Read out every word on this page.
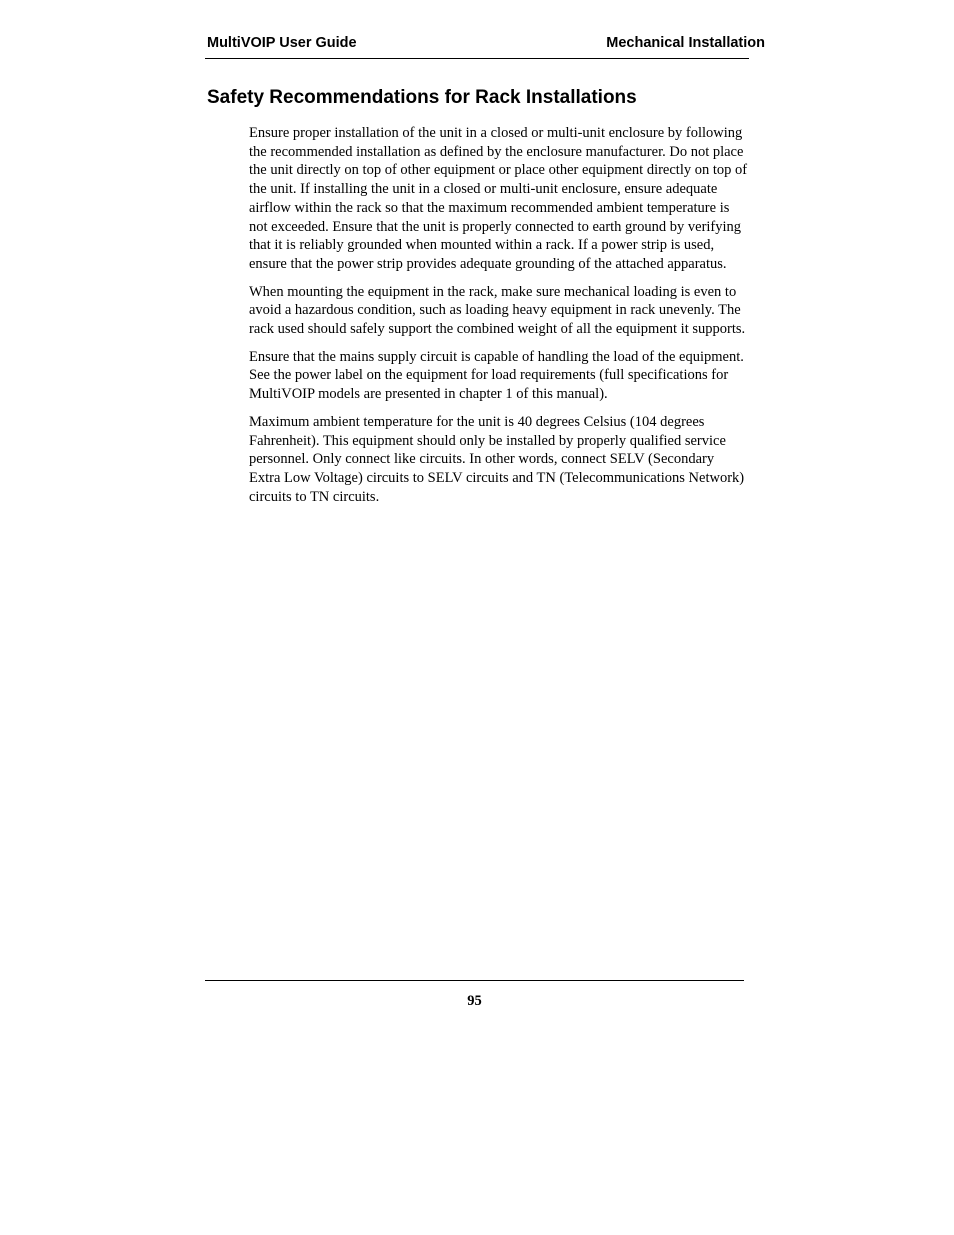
MultiVOIP User Guide	Mechanical Installation
Safety Recommendations for Rack Installations

Ensure proper installation of the unit in a closed or multi-unit enclosure by following the recommended installation as defined by the enclosure manufacturer. Do not place the unit directly on top of other equipment or place other equipment directly on top of the unit. If installing the unit in a closed or multi-unit enclosure, ensure adequate airflow within the rack so that the maximum recommended ambient temperature is not exceeded. Ensure that the unit is properly connected to earth ground by verifying that it is reliably grounded when mounted within a rack. If a power strip is used, ensure that the power strip provides adequate grounding of the attached apparatus.

When mounting the equipment in the rack, make sure mechanical loading is even to avoid a hazardous condition, such as loading heavy equipment in rack unevenly. The rack used should safely support the combined weight of all the equipment it supports.

Ensure that the mains supply circuit is capable of handling the load of the equipment. See the power label on the equipment for load requirements (full specifications for MultiVOIP models are presented in chapter 1 of this manual).

Maximum ambient temperature for the unit is 40 degrees Celsius (104 degrees Fahrenheit). This equipment should only be installed by properly qualified service personnel. Only connect like circuits. In other words, connect SELV (Secondary Extra Low Voltage) circuits to SELV circuits and TN (Telecommunications Network) circuits to TN circuits.

95
